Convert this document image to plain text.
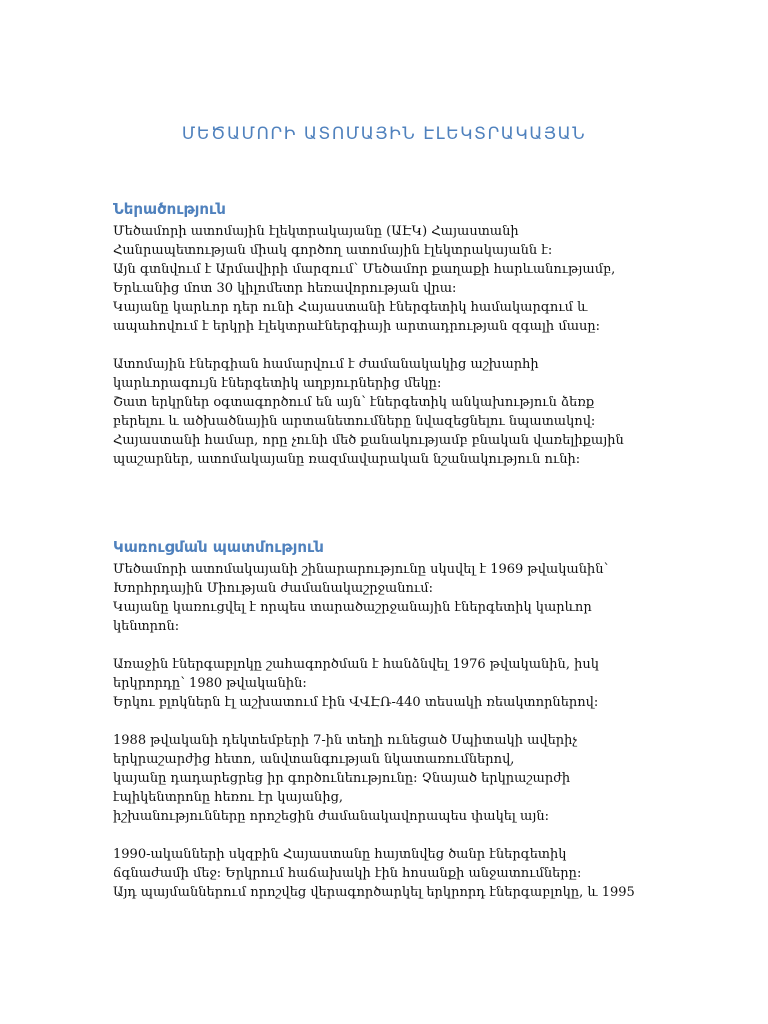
ՄԵԾԱՄՈՐԻ ԱՏՈՄԱՅԻՆ ԷԼԵԿՏՐԱԿԱՅԱՆ
Ներածություն
Մեծամորի ատոմային էլեկտրակայանը (ԱԷԿ) Հայաստանի
Հանրապետության միակ գործող ատոմային էլեկտրակայանն է:
Այն գտնվում է Արմավիրի մարզում՝ Մեծամոր քաղաքի հարևանությամբ,
Երևանից մոտ 30 կիլոմետր հեռավորության վրա:
Կայանը կարևոր դեր ունի Հայաստանի էներգետիկ համակարգում և
ապահովում է երկրի էլեկտրաէներգիայի արտադրության զգալի մասը:
Ատոմային էներգիան համարվում է ժամանակակից աշխարհի
կարևորագույն էներգետիկ աղբյուրներից մեկը:
Շատ երկրներ օգտագործում են այն՝ էներգետիկ անկախություն ձեռք
բերելու և ածխածնային արտանետումները նվազեցնելու նպատակով:
Հայաստանի համար, որը չունի մեծ քանակությամբ բնական վառելիքային
պաշարներ, ատոմակայանը ռազմավարական նշանակություն ունի:
Կառուցման պատմություն
Մեծամորի ատոմակայանի շինարարությունը սկսվել է 1969 թվականին՝
Խորհրդային Միության ժամանակաշրջանում:
Կայանը կառուցվել է որպես տարածաշրջանային էներգետիկ կարևոր
կենտրոն:
Առաջին էներգաբլոկը շահագործման է հանձնվել 1976 թվականին, իսկ
երկրորդը՝ 1980 թվականին:
Երկու բլոկներն էլ աշխատում էին ՎՎԷՌ-440 տեսակի ռեակտորներով:
1988 թվականի դեկտեմբերի 7-ին տեղի ունեցած Սպիտակի ավերիչ
երկրաշարժից հետո, անվտանգության նկատառումներով,
կայանը դադարեցրեց իր գործունեությունը: Չնայած երկրաշարժի
էպիկենտրոնը հեռու էր կայանից,
իշխանությունները որոշեցին ժամանակավորապես փակել այն:
1990-ականների սկզբին Հայաստանը հայտնվեց ծանր էներգետիկ
ճգնաժամի մեջ: Երկրում հաճախակի էին հոսանքի անջատումները:
Այդ պայմաններում որոշվեց վերագործարկել երկրորդ էներգաբլոկը, և 1995
